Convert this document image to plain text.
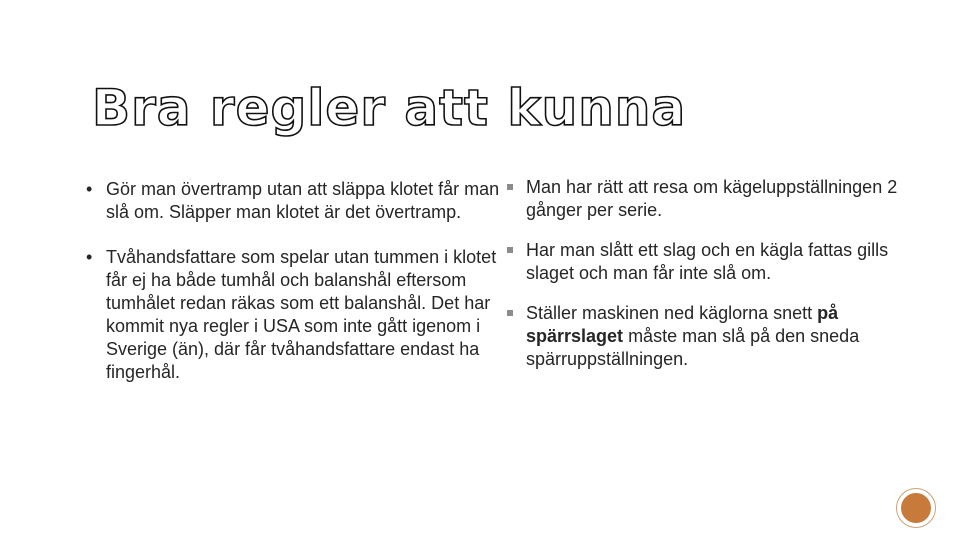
Bra regler att kunna
• Gör man övertramp utan att släppa klotet får man slå om. Släpper man klotet är det övertramp.
• Tvåhandsfattare som spelar utan tummen i klotet får ej ha både tumhål och balanshål eftersom tumhålet redan räkas som ett balanshål. Det har kommit nya regler i USA som inte gått igenom i Sverige (än), där får tvåhandsfattare endast ha fingerhål.
Man har rätt att resa om kägeluppställningen 2 gånger per serie.
Har man slått ett slag och en kägla fattas gills slaget och man får inte slå om.
Ställer maskinen ned käglorna snett på spärrslaget måste man slå på den sneda spärruppställningen.
